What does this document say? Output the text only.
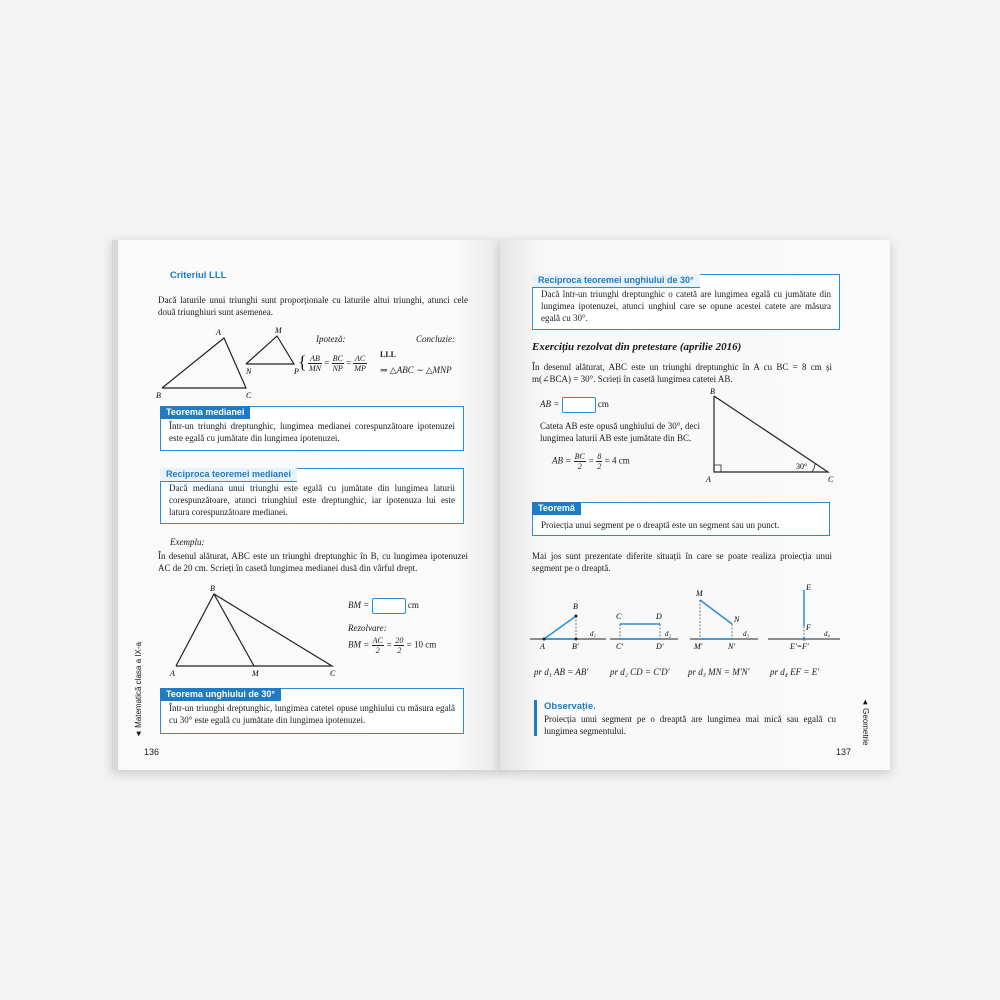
Criteriul LLL
Dacă laturile unui triunghi sunt proporționale cu laturile altui triunghi, atunci cele două triunghiuri sunt asemenea.
A
B	C
M
N	P
Ipoteză:	Concluzie:
{ $\frac{AB}{MN} = \frac{BC}{NP} = \frac{AC}{MP}$ LLL
⇒ △ABC ∼ △MNP
Teorema medianei
Într-un triunghi dreptunghic, lungimea medianei corespunzătoare ipotenuzei este egală cu jumătate din lungimea ipotenuzei.
Reciproca teoremei medianei
Dacă mediana unui triunghi este egală cu jumătate din lungimea laturii corespunzătoare, atunci triunghiul este dreptunghic, iar ipotenuza lui este latura corespunzătoare medianei.
Exemplu:
În desenul alăturat, ABC este un triunghi dreptunghic în B, cu lungimea ipotenuzei AC de 20 cm. Scrieți în casetă lungimea medianei dusă din vârful drept.
B
A	M	C
BM =	cm
Rezolvare:
BM = $\frac{AC}{2} = \frac{20}{2} = 10$ cm
Teorema unghiului de 30°
Într-un triunghi dreptunghic, lungimea catetei opuse unghiului cu măsura egală cu 30° este egală cu jumătate din lungimea ipotenuzei.
◄ Matematică clasa a IX-a
136
Reciproca teoremei unghiului de 30°
Dacă într-un triunghi dreptunghic o catetă are lungimea egală cu jumătate din lungimea ipotenuzei, atunci unghiul care se opune acestei catete are măsura egală cu 30°.
Exercițiu rezolvat din pretestare (aprilie 2016)
În desenul alăturat, ABC este un triunghi dreptunghic în A cu BC = 8 cm și m(∠BCA) = 30°. Scrieți în casetă lungimea catetei AB.
AB =	cm
Cateta AB este opusă unghiului de 30°, deci lungimea laturii AB este jumătate din BC.
AB = $\frac{BC}{2} = \frac{8}{2} = 4$ cm
B
A	C
30°
Teoremă
Proiecția unui segment pe o dreaptă este un segment sau un punct.
Mai jos sunt prezentate diferite situații în care se poate realiza proiecția unui segment pe o dreaptă.
B
A	B'
d₁
C	D
C'	D'
d₂
M
N
M'	N'
d₃
E
F
E'=F'
d₄
pr d₁ AB = AB'	pr d₂ CD = C'D'	pr d₃ MN = M'N'	pr d₄ EF = E'
Observație.
Proiecția unui segment pe o dreaptă are lungimea mai mică sau egală cu lungimea segmentului.	◄ Geometrie
137
